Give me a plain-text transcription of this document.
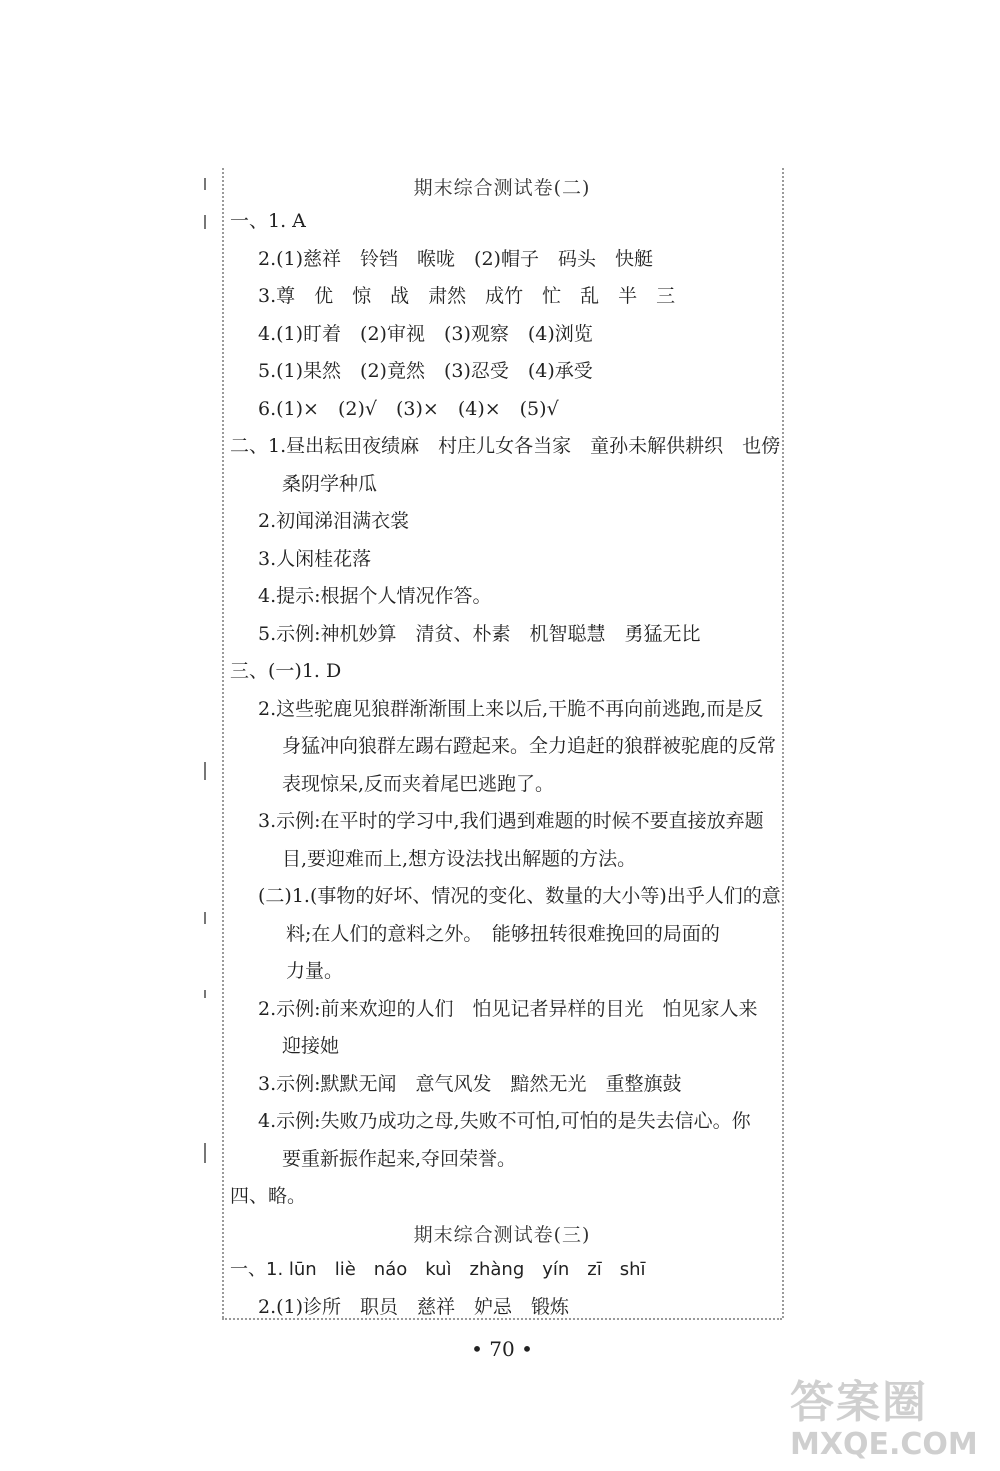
期末综合测试卷(二)
一、1. A
2.(1)慈祥　铃铛　喉咙　(2)帽子　码头　快艇
3.尊　优　惊　战　肃然　成竹　忙　乱　半　三
4.(1)盯着　(2)审视　(3)观察　(4)浏览
5.(1)果然　(2)竟然　(3)忍受　(4)承受
6.(1)×　(2)√　(3)×　(4)×　(5)√
二、1.昼出耘田夜绩麻　村庄儿女各当家　童孙未解供耕织　也傍
桑阴学种瓜
2.初闻涕泪满衣裳
3.人闲桂花落
4.提示:根据个人情况作答。
5.示例:神机妙算　清贫、朴素　机智聪慧　勇猛无比
三、(一)1. D
2.这些驼鹿见狼群渐渐围上来以后,干脆不再向前逃跑,而是反
身猛冲向狼群左踢右蹬起来。全力追赶的狼群被驼鹿的反常
表现惊呆,反而夹着尾巴逃跑了。
3.示例:在平时的学习中,我们遇到难题的时候不要直接放弃题
目,要迎难而上,想方设法找出解题的方法。
(二)1.(事物的好坏、情况的变化、数量的大小等)出乎人们的意
料;在人们的意料之外。　能够扭转很难挽回的局面的
力量。
2.示例:前来欢迎的人们　怕见记者异样的目光　怕见家人来
迎接她
3.示例:默默无闻　意气风发　黯然无光　重整旗鼓
4.示例:失败乃成功之母,失败不可怕,可怕的是失去信心。你
要重新振作起来,夺回荣誉。
四、略。
期末综合测试卷(三)
一、1. lūn　liè　náo　kuì　zhàng　yín　zī　shī
2.(1)诊所　职员　慈祥　妒忌　锻炼
• 70 •
答案圈
MXQE.COM
